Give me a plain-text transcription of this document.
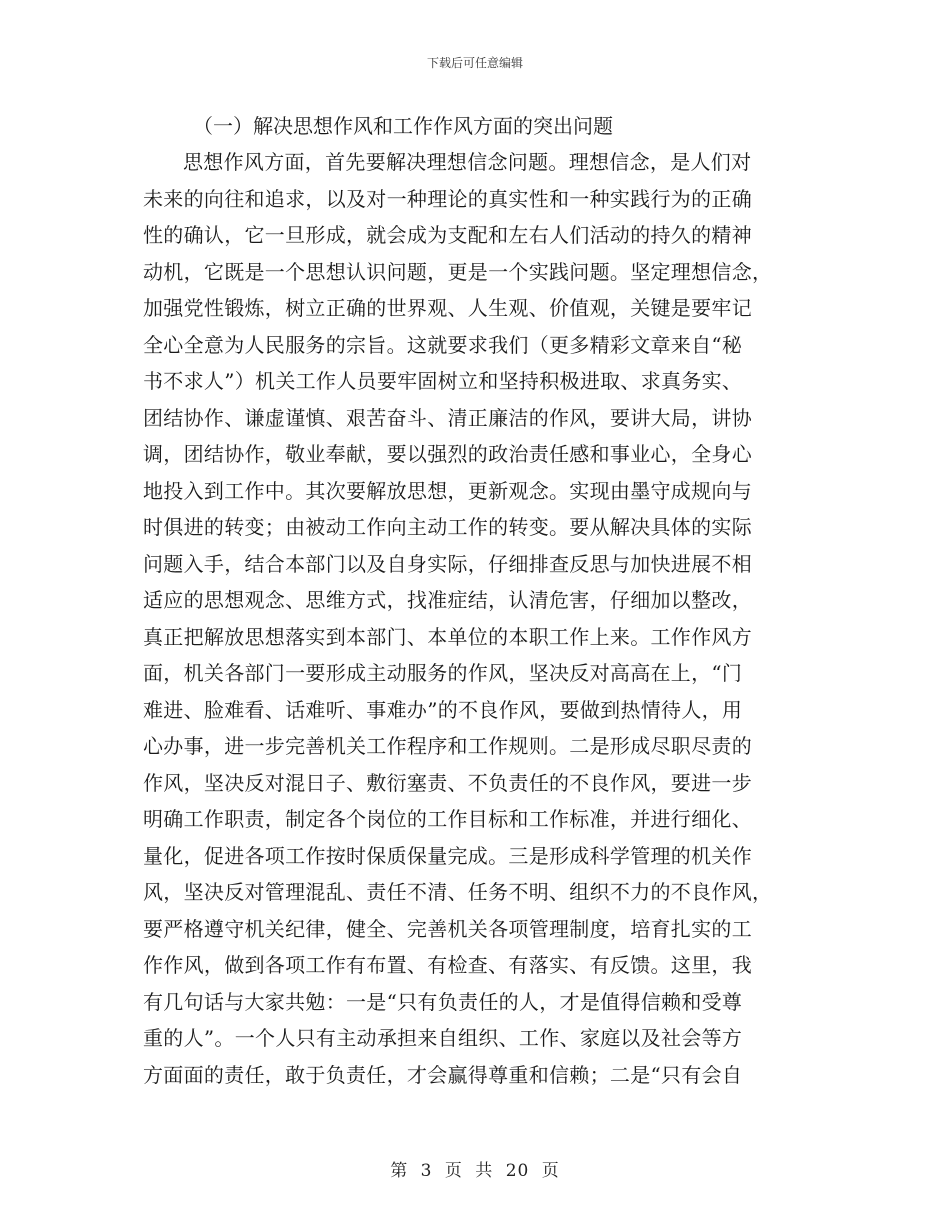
下载后可任意编辑
（一）解决思想作风和工作作风方面的突出问题
思想作风方面，首先要解决理想信念问题。理想信念，是人们对
未来的向往和追求，以及对一种理论的真实性和一种实践行为的正确
性的确认，它一旦形成，就会成为支配和左右人们活动的持久的精神
动机，它既是一个思想认识问题，更是一个实践问题。坚定理想信念，
加强党性锻炼，树立正确的世界观、人生观、价值观，关键是要牢记
全心全意为人民服务的宗旨。这就要求我们（更多精彩文章来自“秘
书不求人”）机关工作人员要牢固树立和坚持积极进取、求真务实、
团结协作、谦虚谨慎、艰苦奋斗、清正廉洁的作风，要讲大局，讲协
调，团结协作，敬业奉献，要以强烈的政治责任感和事业心，全身心
地投入到工作中。其次要解放思想，更新观念。实现由墨守成规向与
时俱进的转变；由被动工作向主动工作的转变。要从解决具体的实际
问题入手，结合本部门以及自身实际，仔细排查反思与加快进展不相
适应的思想观念、思维方式，找准症结，认清危害，仔细加以整改，
真正把解放思想落实到本部门、本单位的本职工作上来。工作作风方
面，机关各部门一要形成主动服务的作风，坚决反对高高在上，“门
难进、脸难看、话难听、事难办”的不良作风，要做到热情待人，用
心办事，进一步完善机关工作程序和工作规则。二是形成尽职尽责的
作风，坚决反对混日子、敷衍塞责、不负责任的不良作风，要进一步
明确工作职责，制定各个岗位的工作目标和工作标准，并进行细化、
量化，促进各项工作按时保质保量完成。三是形成科学管理的机关作
风，坚决反对管理混乱、责任不清、任务不明、组织不力的不良作风，
要严格遵守机关纪律，健全、完善机关各项管理制度，培育扎实的工
作作风，做到各项工作有布置、有检查、有落实、有反馈。这里，我
有几句话与大家共勉：一是“只有负责任的人，才是值得信赖和受尊
重的人”。一个人只有主动承担来自组织、工作、家庭以及社会等方
方面面的责任，敢于负责任，才会赢得尊重和信赖；二是“只有会自
第 3 页 共 20 页
